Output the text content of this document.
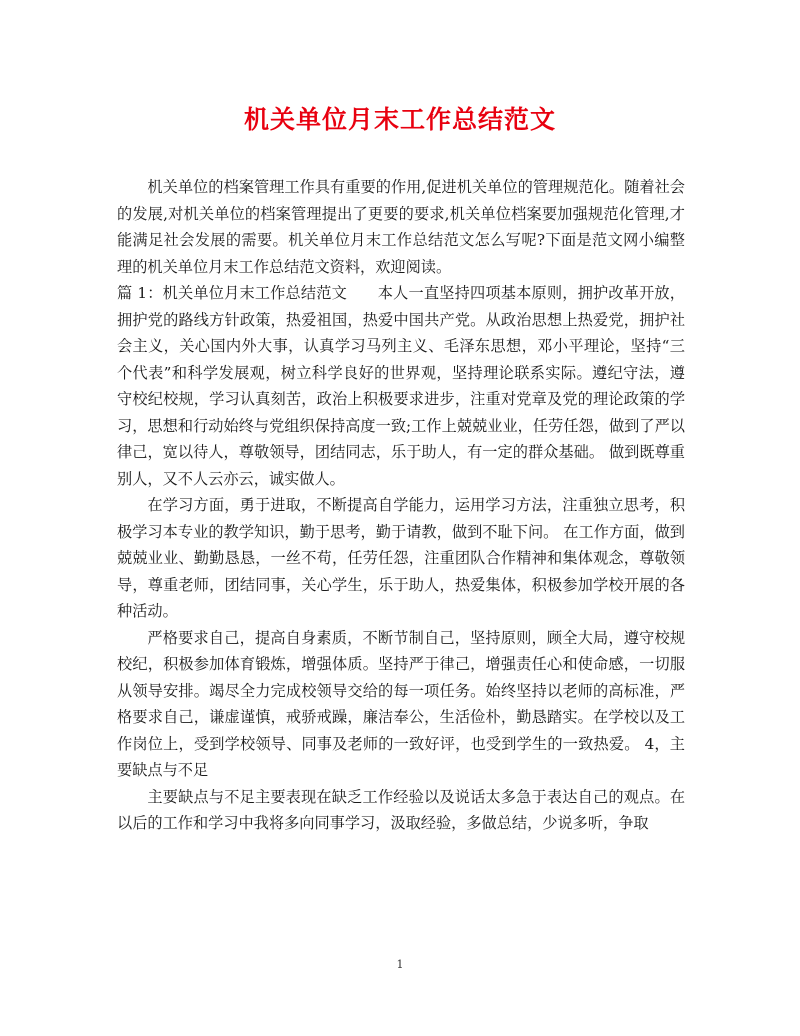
机关单位月末工作总结范文

机关单位的档案管理工作具有重要的作用,促进机关单位的管理规范化。随着社会的发展,对机关单位的档案管理提出了更要的要求,机关单位档案要加强规范化管理,才能满足社会发展的需要。机关单位月末工作总结范文怎么写呢?下面是范文网小编整理的机关单位月末工作总结范文资料，欢迎阅读。

篇 1：机关单位月末工作总结范文　　本人一直坚持四项基本原则，拥护改革开放，拥护党的路线方针政策，热爱祖国，热爱中国共产党。从政治思想上热爱党，拥护社会主义，关心国内外大事，认真学习马列主义、毛泽东思想，邓小平理论，坚持“三个代表”和科学发展观，树立科学良好的世界观，坚持理论联系实际。遵纪守法，遵守校纪校规，学习认真刻苦，政治上积极要求进步，注重对党章及党的理论政策的学习，思想和行动始终与党组织保持高度一致;工作上兢兢业业，任劳任怨，做到了严以律己，宽以待人，尊敬领导，团结同志，乐于助人，有一定的群众基础。 做到既尊重别人，又不人云亦云，诚实做人。

在学习方面，勇于进取，不断提高自学能力，运用学习方法，注重独立思考，积极学习本专业的教学知识，勤于思考，勤于请教，做到不耻下问。 在工作方面，做到兢兢业业、勤勤恳恳，一丝不苟，任劳任怨，注重团队合作精神和集体观念，尊敬领导，尊重老师，团结同事，关心学生，乐于助人，热爱集体，积极参加学校开展的各种活动。

严格要求自己，提高自身素质，不断节制自己，坚持原则，顾全大局，遵守校规校纪，积极参加体育锻炼，增强体质。坚持严于律己，增强责任心和使命感，一切服从领导安排。竭尽全力完成校领导交给的每一项任务。始终坚持以老师的高标准，严格要求自己，谦虚谨慎，戒骄戒躁，廉洁奉公，生活俭朴，勤恳踏实。在学校以及工作岗位上，受到学校领导、同事及老师的一致好评，也受到学生的一致热爱。 4，主要缺点与不足

主要缺点与不足主要表现在缺乏工作经验以及说话太多急于表达自己的观点。在以后的工作和学习中我将多向同事学习，汲取经验，多做总结，少说多听，争取

1
